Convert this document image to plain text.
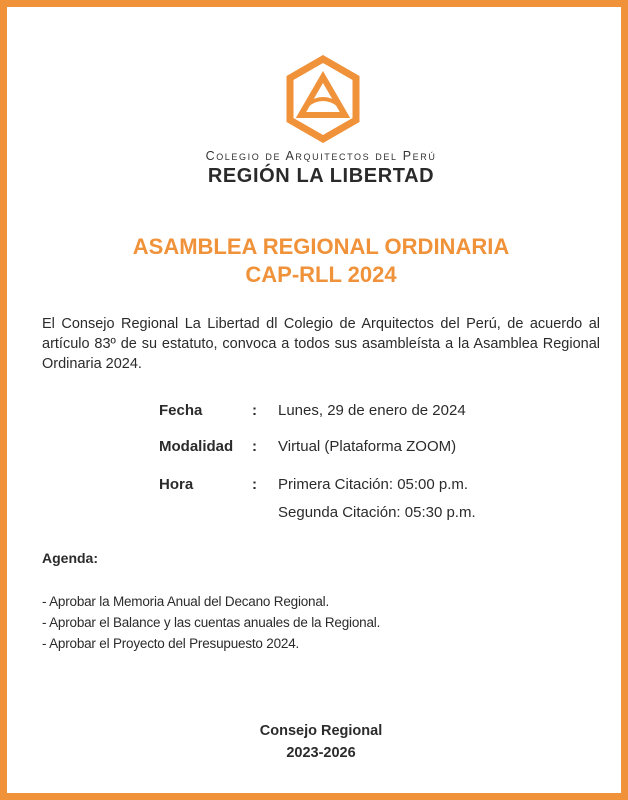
Colegio de Arquitectos del Perú
REGIÓN LA LIBERTAD
ASAMBLEA REGIONAL ORDINARIA
CAP-RLL 2024
El Consejo Regional La Libertad dl Colegio de Arquitectos del Perú, de acuerdo al artículo 83º de su estatuto, convoca a todos sus asambleísta a la Asamblea Regional Ordinaria 2024.
Fecha	: Lunes, 29 de enero de 2024
Modalidad : Virtual (Plataforma ZOOM)
Hora	: Primera Citación: 05:00 p.m.
Segunda Citación: 05:30 p.m.
Agenda:
- Aprobar la Memoria Anual del Decano Regional.
- Aprobar el Balance y las cuentas anuales de la Regional.
- Aprobar el Proyecto del Presupuesto 2024.
Consejo Regional
2023-2026
